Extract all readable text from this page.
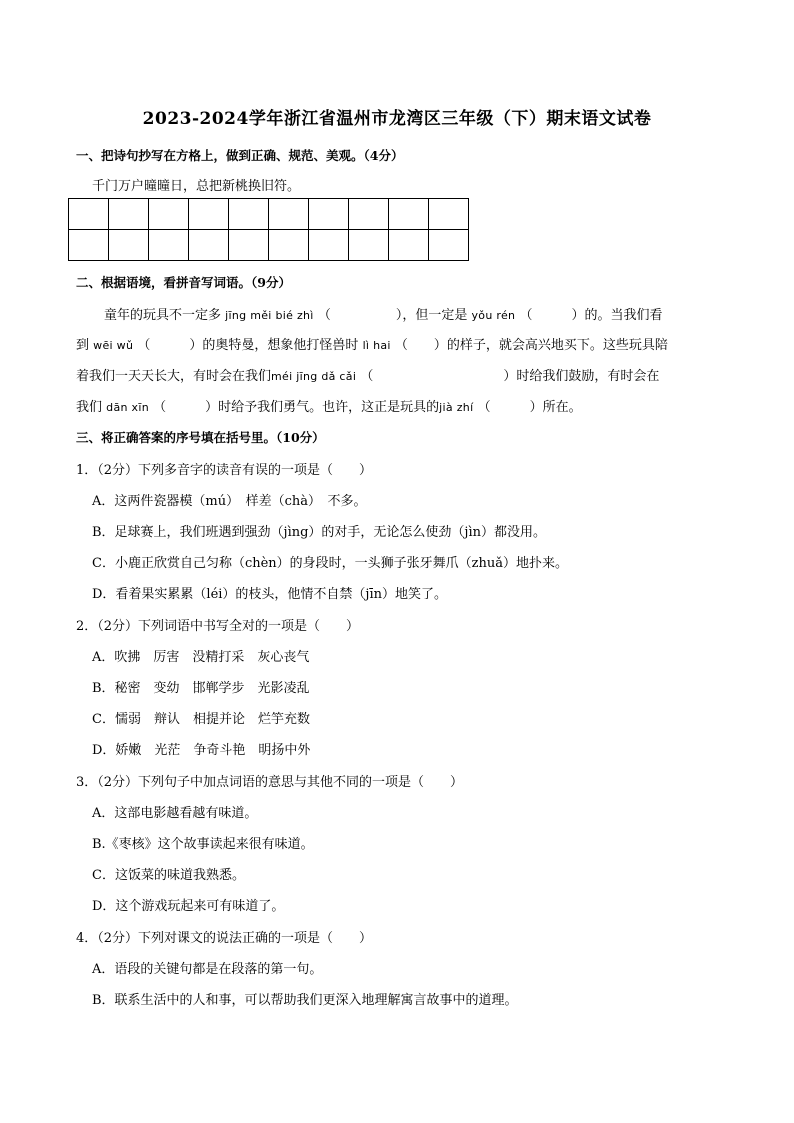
2023-2024学年浙江省温州市龙湾区三年级（下）期末语文试卷
一、把诗句抄写在方格上，做到正确、规范、美观。（4分）
千门万户曈曈日，总把新桃换旧符。

二、根据语境，看拼音写词语。（9分）
童年的玩具不一定多 jīng měi bié zhì （　　　　　），但一定是 yǒu rén （　　　）的。当我们看
到 wēi wǔ （　　　）的奥特曼，想象他打怪兽时 lì hai （　　）的样子，就会高兴地买下。这些玩具陪
着我们一天天长大，有时会在我们méi jīng dǎ cǎi （　　　　　　　　　　）时给我们鼓励，有时会在
我们 dān xīn （　　　）时给予我们勇气。也许，这正是玩具的jià zhí （　　　）所在。
三、将正确答案的序号填在括号里。（10分）
1．（2分）下列多音字的读音有误的一项是（　　）
A．这两件瓷器模（mú）　样差（chà）　不多。
B．足球赛上，我们班遇到强劲（jìng）的对手，无论怎么使劲（jìn）都没用。
C．小鹿正欣赏自己匀称（chèn）的身段时，一头狮子张牙舞爪（zhuǎ）地扑来。
D．看着果实累累（léi）的枝头，他情不自禁（jīn）地笑了。
2．（2分）下列词语中书写全对的一项是（　　）
A．吹拂　厉害　没精打采　灰心丧气
B．秘密　变幼　邯郸学步　光影凌乱
C．懦弱　辩认　相提并论　烂竽充数
D．娇嫩　光茫　争奇斗艳　明扬中外
3．（2分）下列句子中加点词语的意思与其他不同的一项是（　　）
A．这部电影越看越有味道。
B.《枣核》这个故事读起来很有味道。
C．这饭菜的味道我熟悉。
D．这个游戏玩起来可有味道了。
4．（2分）下列对课文的说法正确的一项是（　　）
A．语段的关键句都是在段落的第一句。
B．联系生活中的人和事，可以帮助我们更深入地理解寓言故事中的道理。
